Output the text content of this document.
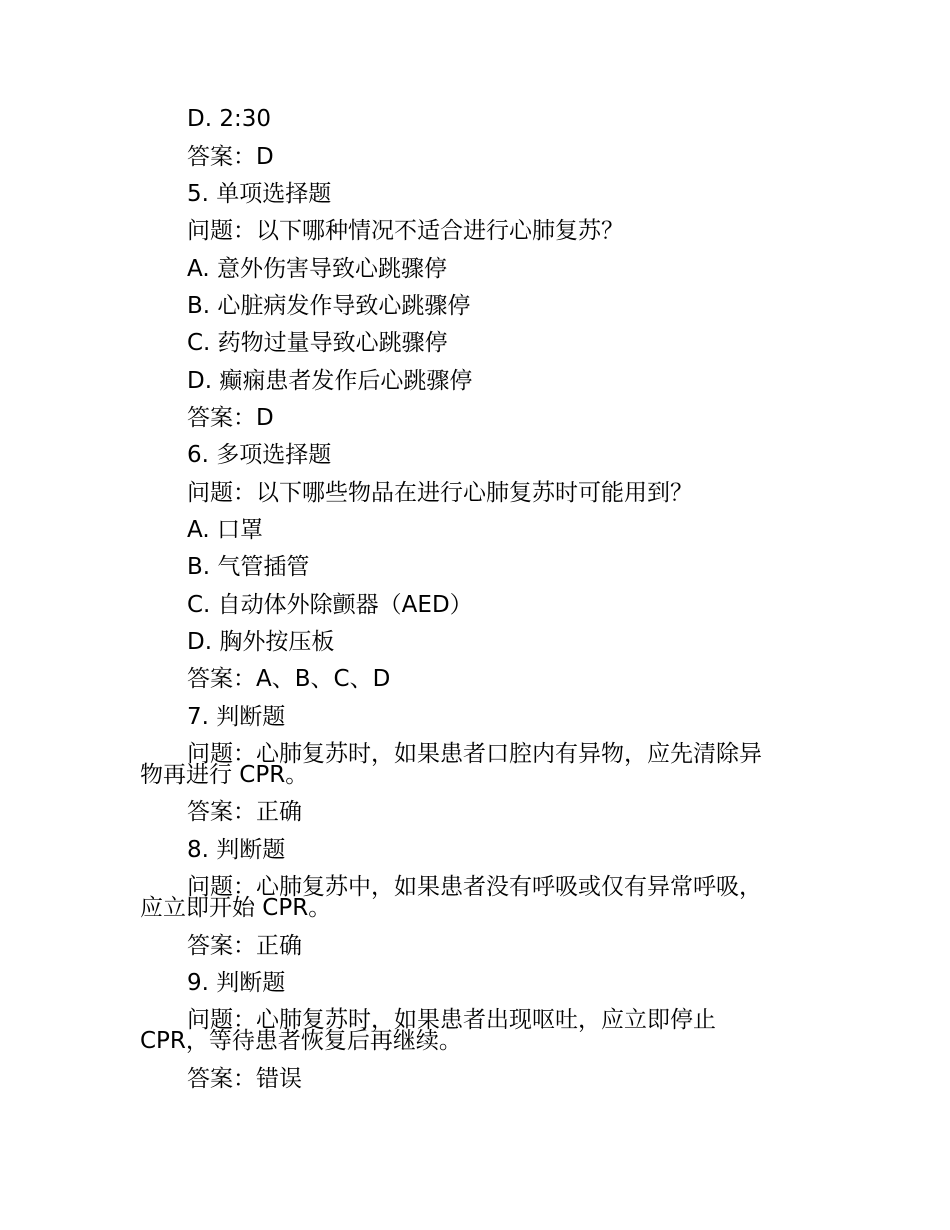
D. 2:30
答案：D
5. 单项选择题
问题：以下哪种情况不适合进行心肺复苏？
A. 意外伤害导致心跳骤停
B. 心脏病发作导致心跳骤停
C. 药物过量导致心跳骤停
D. 癫痫患者发作后心跳骤停
答案：D
6. 多项选择题
问题：以下哪些物品在进行心肺复苏时可能用到？
A. 口罩
B. 气管插管
C. 自动体外除颤器（AED）
D. 胸外按压板
答案：A、B、C、D
7. 判断题
问题：心肺复苏时，如果患者口腔内有异物，应先清除异
物再进行 CPR。
答案：正确
8. 判断题
问题：心肺复苏中，如果患者没有呼吸或仅有异常呼吸，
应立即开始 CPR。
答案：正确
9. 判断题
问题：心肺复苏时，如果患者出现呕吐，应立即停止
CPR，等待患者恢复后再继续。
答案：错误
